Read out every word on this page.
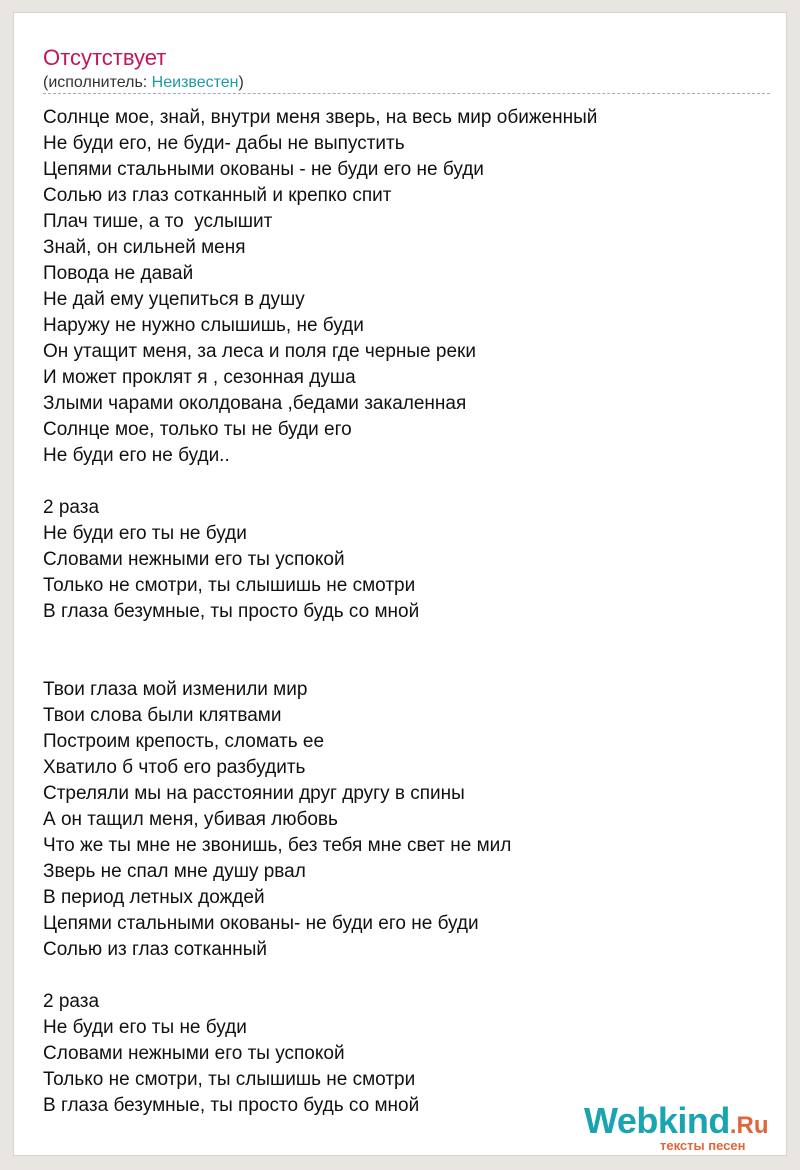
Отсутствует
(исполнитель: Неизвестен)
Солнце мое, знай, внутри меня зверь, на весь мир обиженный
Не буди его, не буди- дабы не выпустить
Цепями стальными окованы - не буди его не буди
Солью из глаз сотканный и крепко спит
Плач тише, а то  услышит
Знай, он сильней меня
Повода не давай
Не дай ему уцепиться в душу
Наружу не нужно слышишь, не буди
Он утащит меня, за леса и поля где черные реки
И может проклят я , сезонная душа
Злыми чарами околдована ,бедами закаленная
Солнце мое, только ты не буди его
Не буди его не буди..
2 раза
Не буди его ты не буди
Словами нежными его ты успокой
Только не смотри, ты слышишь не смотри
В глаза безумные, ты просто будь со мной
Твои глаза мой изменили мир
Твои слова были клятвами
Построим крепость, сломать ее
Хватило б чтоб его разбудить
Стреляли мы на расстоянии друг другу в спины
А он тащил меня, убивая любовь
Что же ты мне не звонишь, без тебя мне свет не мил
Зверь не спал мне душу рвал
В период летных дождей
Цепями стальными окованы- не буди его не буди
Солью из глаз сотканный
2 раза
Не буди его ты не буди
Словами нежными его ты успокой
Только не смотри, ты слышишь не смотри
В глаза безумные, ты просто будь со мной	Webkind.Ru
тексты песен
